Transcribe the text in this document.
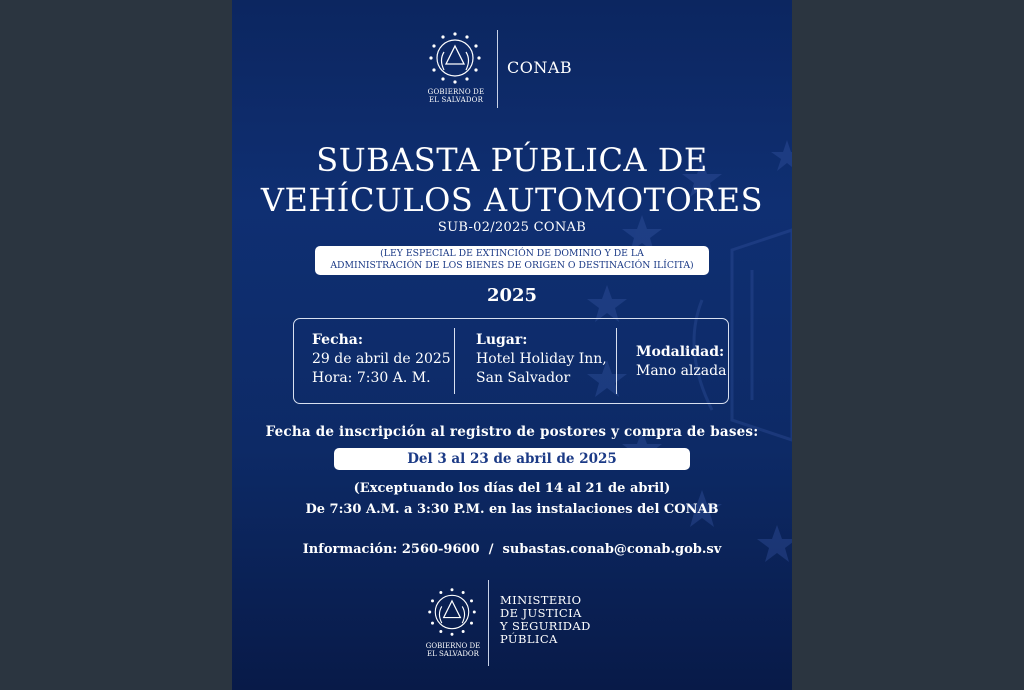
GOBIERNO DE
EL SALVADOR
CONAB
SUBASTA PÚBLICA DE
VEHÍCULOS AUTOMOTORES
SUB-02/2025 CONAB
(LEY ESPECIAL DE EXTINCIÓN DE DOMINIO Y DE LA
ADMINISTRACIÓN DE LOS BIENES DE ORIGEN O DESTINACIÓN ILÍCITA)
2025
Fecha:
29 de abril de 2025
Hora: 7:30 A. M.
Lugar:
Hotel Holiday Inn,
San Salvador
Modalidad:
Mano alzada
Fecha de inscripción al registro de postores y compra de bases:
Del 3 al 23 de abril de 2025
(Exceptuando los días del 14 al 21 de abril)
De 7:30 A.M. a 3:30 P.M. en las instalaciones del CONAB
Información: 2560-9600 / subastas.conab@conab.gob.sv
GOBIERNO DE
EL SALVADOR
MINISTERIO
DE JUSTICIA
Y SEGURIDAD
PÚBLICA
